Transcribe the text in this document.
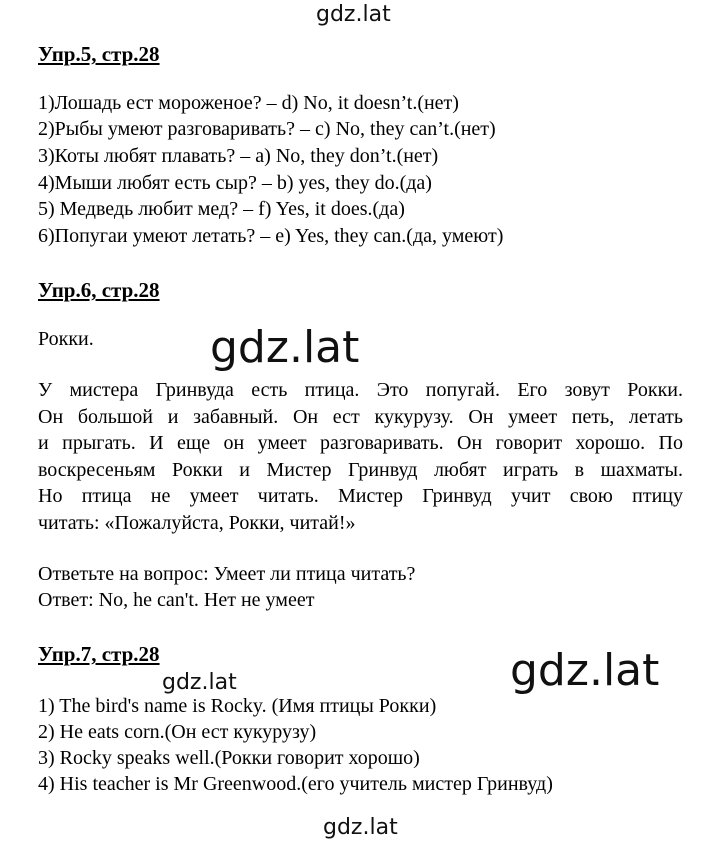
gdz.lat
Упр.5, стр.28
1)Лошадь ест мороженое? – d) No, it doesn’t.(нет)
2)Рыбы умеют разговаривать? – c) No, they can’t.(нет)
3)Коты любят плавать? – a) No, they don’t.(нет)
4)Мыши любят есть сыр? – b) yes, they do.(да)
5) Медведь любит мед? – f) Yes, it does.(да)
6)Попугаи умеют летать? – e) Yes, they can.(да, умеют)
Упр.6, стр.28
Рокки.	gdz.lat
У мистера Гринвуда есть птица. Это попугай. Его зовут Рокки.
Он большой и забавный. Он ест кукурузу. Он умеет петь, летать
и прыгать. И еще он умеет разговаривать. Он говорит хорошо. По
воскресеньям Рокки и Мистер Гринвуд любят играть в шахматы.
Но птица не умеет читать. Мистер Гринвуд учит свою птицу
читать: «Пожалуйста, Рокки, читай!»
Ответьте на вопрос: Умеет ли птица читать?
Ответ: No, he can't. Нет не умеет
Упр.7, стр.28	gdz.lat
gdz.lat
1) The bird's name is Rocky. (Имя птицы Рокки)
2) He eats corn.(Он ест кукурузу)
3) Rocky speaks well.(Рокки говорит хорошо)
4) His teacher is Mr Greenwood.(его учитель мистер Гринвуд)
gdz.lat
